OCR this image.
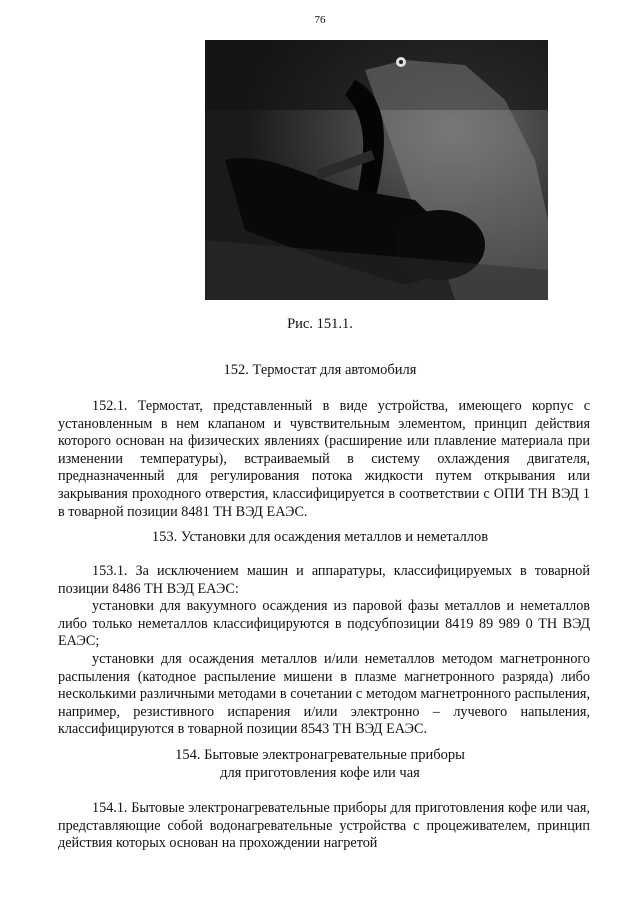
76
Рис. 151.1.
152. Термостат для автомобиля

152.1. Термостат, представленный в виде устройства, имеющего корпус с установленным в нем клапаном и чувствительным элементом, принцип действия которого основан на физических явлениях (расширение или плавление материала при изменении температуры), встраиваемый в систему охлаждения двигателя, предназначенный для регулирования потока жидкости путем открывания или закрывания проходного отверстия, классифицируется в соответствии с ОПИ ТН ВЭД 1 в товарной позиции 8481 ТН ВЭД ЕАЭС.

153. Установки для осаждения металлов и неметаллов

153.1. За исключением машин и аппаратуры, классифицируемых в товарной позиции 8486 ТН ВЭД ЕАЭС:

установки для вакуумного осаждения из паровой фазы металлов и неметаллов либо только неметаллов классифицируются в подсубпозиции 8419 89 989 0 ТН ВЭД ЕАЭС;

установки для осаждения металлов и/или неметаллов методом магнетронного распыления (катодное распыление мишени в плазме магнетронного разряда) либо несколькими различными методами в сочетании с методом магнетронного распыления, например, резистивного испарения и/или электронно – лучевого напыления, классифицируются в товарной позиции 8543 ТН ВЭД ЕАЭС.

154. Бытовые электронагревательные приборы
для приготовления кофе или чая

154.1. Бытовые электронагревательные приборы для приготовления кофе или чая, представляющие собой водонагревательные устройства с процеживателем, принцип действия которых основан на прохождении нагретой
